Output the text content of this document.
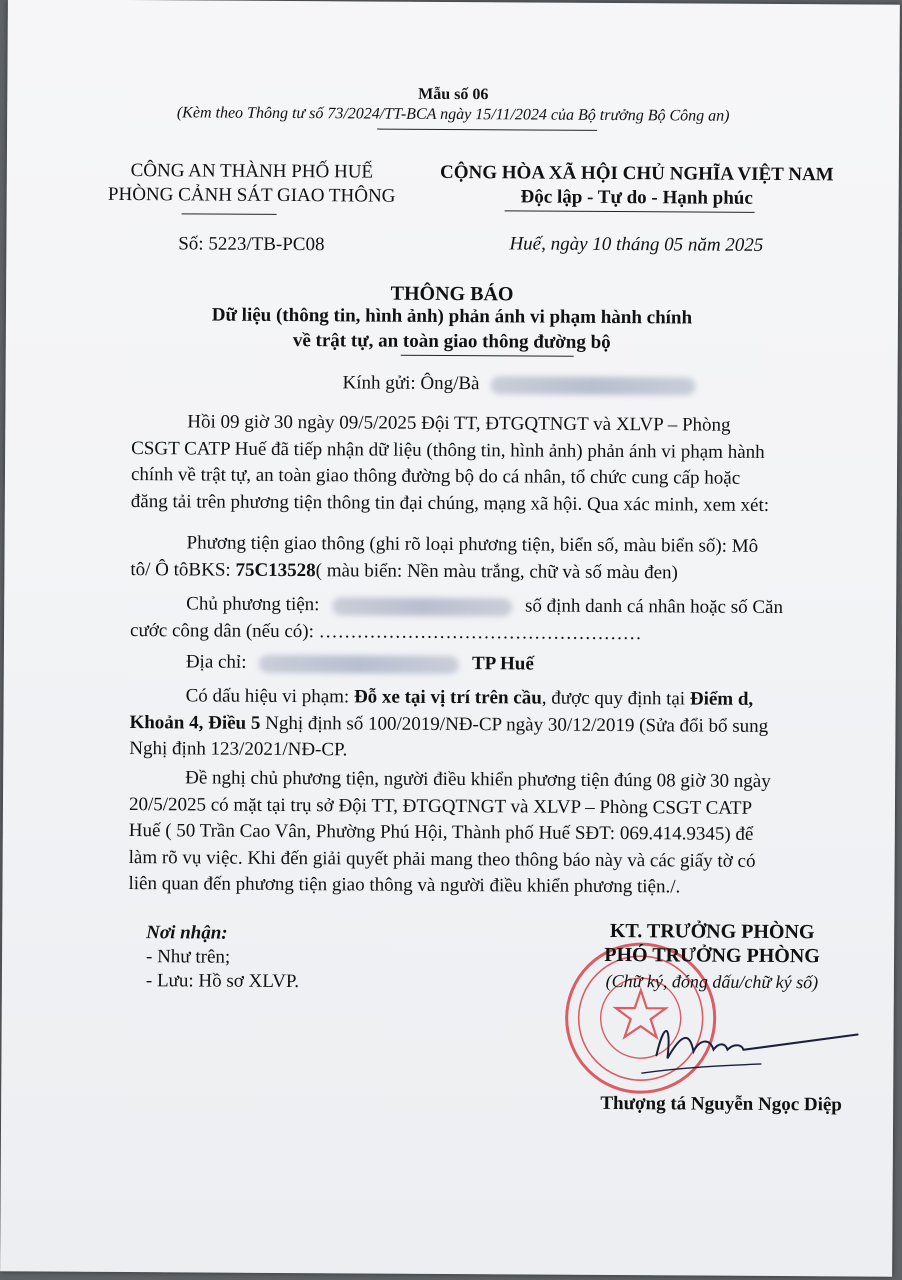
Mẫu số 06
(Kèm theo Thông tư số 73/2024/TT-BCA ngày 15/11/2024 của Bộ trưởng Bộ Công an)
CÔNG AN THÀNH PHỐ HUẾ
PHÒNG CẢNH SÁT GIAO THÔNG
Số: 5223/TB-PC08
CỘNG HÒA XÃ HỘI CHỦ NGHĨA VIỆT NAM
Độc lập - Tự do - Hạnh phúc
Huế, ngày 10 tháng 05 năm 2025
THÔNG BÁO
Dữ liệu (thông tin, hình ảnh) phản ánh vi phạm hành chính
về trật tự, an toàn giao thông đường bộ
Kính gửi: Ông/Bà
Hồi 09 giờ 30 ngày 09/5/2025 Đội TT, ĐTGQTNGT và XLVP – Phòng
CSGT CATP Huế đã tiếp nhận dữ liệu (thông tin, hình ảnh) phản ánh vi phạm hành
chính về trật tự, an toàn giao thông đường bộ do cá nhân, tổ chức cung cấp hoặc
đăng tải trên phương tiện thông tin đại chúng, mạng xã hội. Qua xác minh, xem xét:
Phương tiện giao thông (ghi rõ loại phương tiện, biển số, màu biển số): Mô
tô/ Ô tôBKS: 75C13528( màu biển: Nền màu trắng, chữ và số màu đen)
Chủ phương tiện:	số định danh cá nhân hoặc số Căn
cước công dân (nếu có): ……………………………………………
Địa chỉ:	TP Huế
Có dấu hiệu vi phạm: Đỗ xe tại vị trí trên cầu, được quy định tại Điểm d,
Khoản 4, Điều 5 Nghị định số 100/2019/NĐ-CP ngày 30/12/2019 (Sửa đổi bổ sung
Nghị định 123/2021/NĐ-CP.
Đề nghị chủ phương tiện, người điều khiển phương tiện đúng 08 giờ 30 ngày
20/5/2025 có mặt tại trụ sở Đội TT, ĐTGQTNGT và XLVP – Phòng CSGT CATP
Huế ( 50 Trần Cao Vân, Phường Phú Hội, Thành phố Huế SĐT: 069.414.9345) để
làm rõ vụ việc. Khi đến giải quyết phải mang theo thông báo này và các giấy tờ có
liên quan đến phương tiện giao thông và người điều khiển phương tiện./.
Nơi nhận:
- Như trên;
- Lưu: Hồ sơ XLVP.
KT. TRƯỞNG PHÒNG
PHÓ TRƯỞNG PHÒNG
(Chữ ký, đóng dấu/chữ ký số)
Thượng tá Nguyễn Ngọc Diệp
